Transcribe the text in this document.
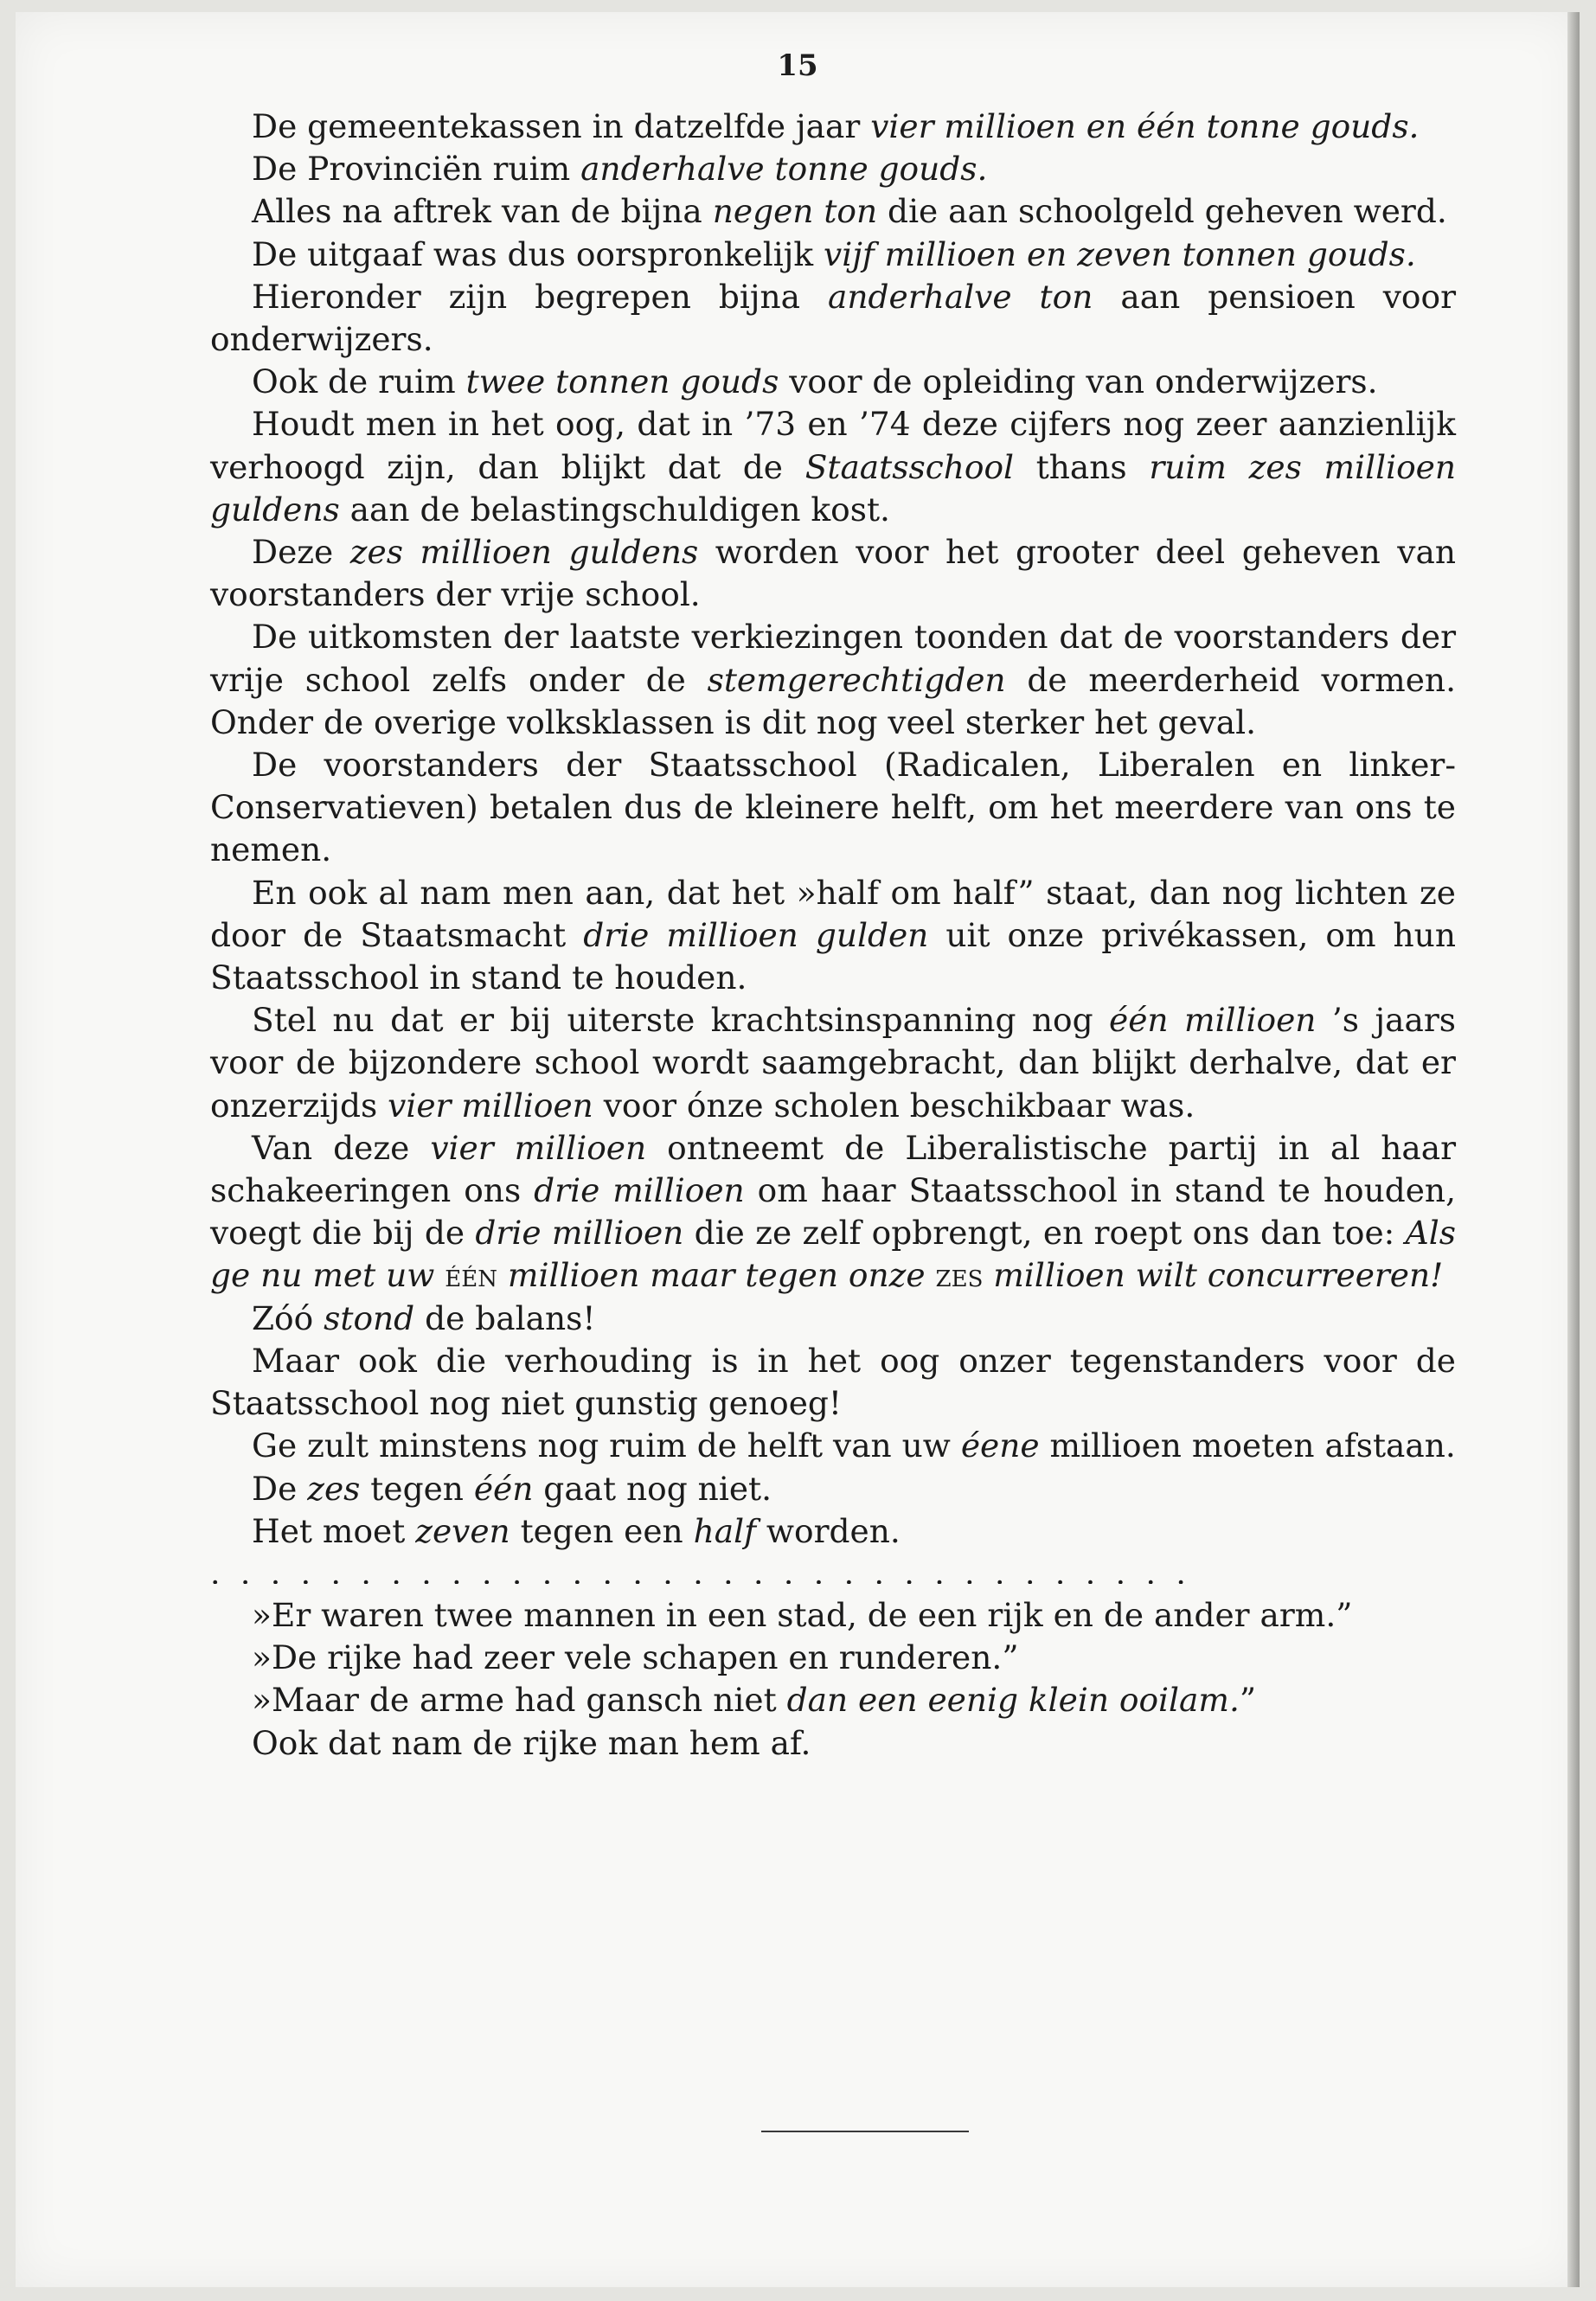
15

De gemeentekassen in datzelfde jaar vier millioen en één tonne gouds.

De Provinciën ruim anderhalve tonne gouds.

Alles na aftrek van de bijna negen ton die aan schoolgeld geheven werd.

De uitgaaf was dus oorspronkelijk vijf millioen en zeven tonnen gouds.

Hieronder zijn begrepen bijna anderhalve ton aan pensioen voor onderwijzers.

Ook de ruim twee tonnen gouds voor de opleiding van onderwijzers.

Houdt men in het oog, dat in ’73 en ’74 deze cijfers nog zeer aanzienlijk verhoogd zijn, dan blijkt dat de Staatsschool thans ruim zes millioen guldens aan de belastingschuldigen kost.

Deze zes millioen guldens worden voor het grooter deel geheven van voorstanders der vrije school.

De uitkomsten der laatste verkiezingen toonden dat de voorstanders der vrije school zelfs onder de stemgerechtigden de meerderheid vormen. Onder de overige volksklassen is dit nog veel sterker het geval.

De voorstanders der Staatsschool (Radicalen, Liberalen en linker-Conservatieven) betalen dus de kleinere helft, om het meerdere van ons te nemen.

En ook al nam men aan, dat het »half om half” staat, dan nog lichten ze door de Staatsmacht drie millioen gulden uit onze privékassen, om hun Staatsschool in stand te houden.

Stel nu dat er bij uiterste krachtsinspanning nog één millioen ’s jaars voor de bijzondere school wordt saamgebracht, dan blijkt derhalve, dat er onzerzijds vier millioen voor ónze scholen beschikbaar was.

Van deze vier millioen ontneemt de Liberalistische partij in al haar schakeeringen ons drie millioen om haar Staatsschool in stand te houden, voegt die bij de drie millioen die ze zelf opbrengt, en roept ons dan toe: Als ge nu met uw één millioen maar tegen onze zes millioen wilt concurreeren!

Zóó stond de balans!

Maar ook die verhouding is in het oog onzer tegenstanders voor de Staatsschool nog niet gunstig genoeg!

Ge zult minstens nog ruim de helft van uw éene millioen moeten afstaan.

De zes tegen één gaat nog niet.

Het moet zeven tegen een half worden.

. . . . . . . . . . . . . . . . . . . . . . . . . . . . . . . . .

»Er waren twee mannen in een stad, de een rijk en de ander arm.”

»De rijke had zeer vele schapen en runderen.”

»Maar de arme had gansch niet dan een eenig klein ooilam.”

Ook dat nam de rijke man hem af.
